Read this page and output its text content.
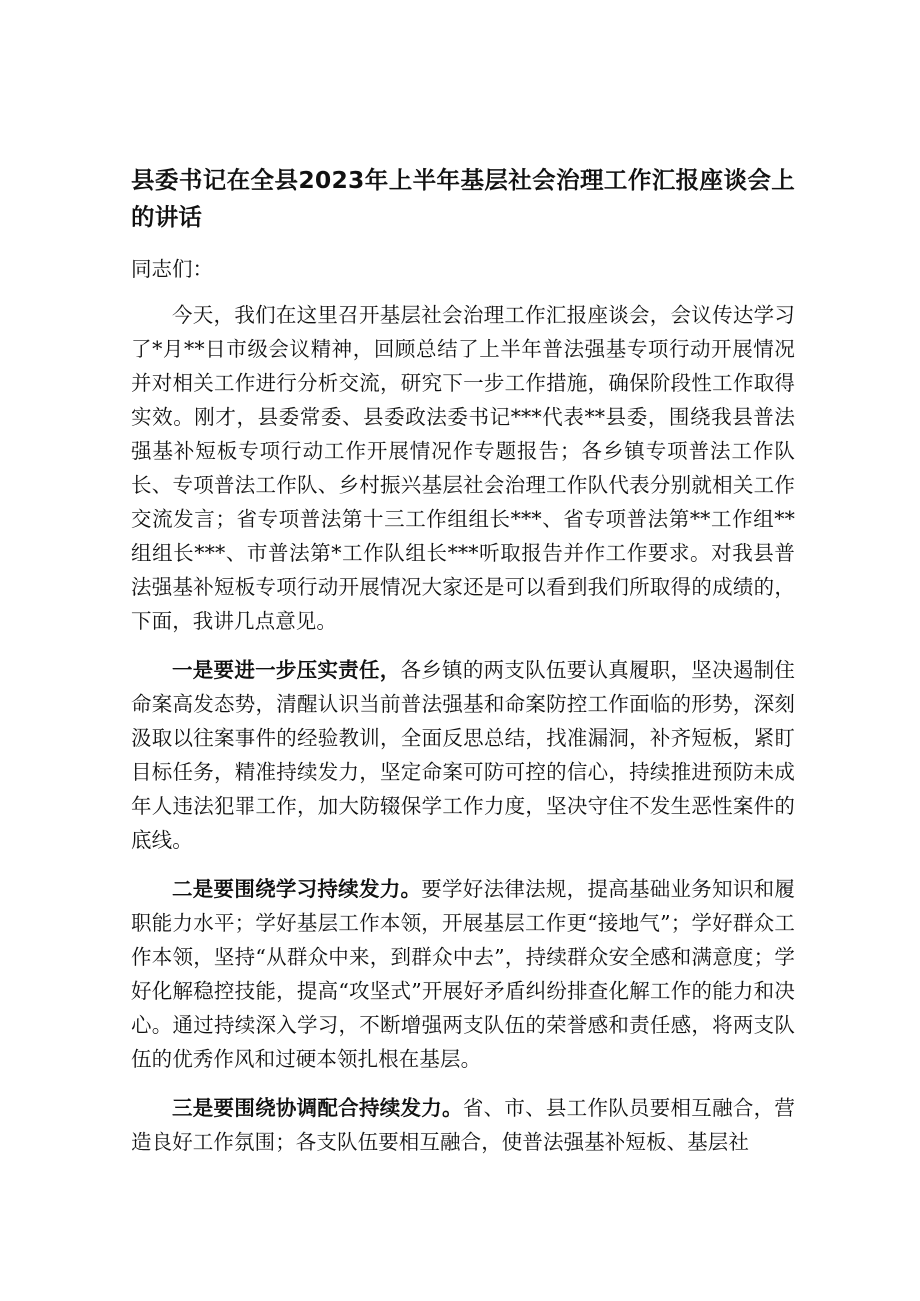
县委书记在全县2023年上半年基层社会治理工作汇报座谈会上的讲话

同志们：

今天，我们在这里召开基层社会治理工作汇报座谈会，会议传达学习了*月**日市级会议精神，回顾总结了上半年普法强基专项行动开展情况并对相关工作进行分析交流，研究下一步工作措施，确保阶段性工作取得实效。刚才，县委常委、县委政法委书记***代表**县委，围绕我县普法强基补短板专项行动工作开展情况作专题报告；各乡镇专项普法工作队长、专项普法工作队、乡村振兴基层社会治理工作队代表分别就相关工作交流发言；省专项普法第十三工作组组长***、省专项普法第**工作组**组组长***、市普法第*工作队组长***听取报告并作工作要求。对我县普法强基补短板专项行动开展情况大家还是可以看到我们所取得的成绩的，下面，我讲几点意见。

一是要进一步压实责任，各乡镇的两支队伍要认真履职，坚决遏制住命案高发态势，清醒认识当前普法强基和命案防控工作面临的形势，深刻汲取以往案事件的经验教训，全面反思总结，找准漏洞，补齐短板，紧盯目标任务，精准持续发力，坚定命案可防可控的信心，持续推进预防未成年人违法犯罪工作，加大防辍保学工作力度，坚决守住不发生恶性案件的底线。

二是要围绕学习持续发力。要学好法律法规，提高基础业务知识和履职能力水平；学好基层工作本领，开展基层工作更“接地气”；学好群众工作本领，坚持“从群众中来，到群众中去”，持续群众安全感和满意度；学好化解稳控技能，提高“攻坚式”开展好矛盾纠纷排查化解工作的能力和决心。通过持续深入学习，不断增强两支队伍的荣誉感和责任感，将两支队伍的优秀作风和过硬本领扎根在基层。

三是要围绕协调配合持续发力。省、市、县工作队员要相互融合，营造良好工作氛围；各支队伍要相互融合，使普法强基补短板、基层社
